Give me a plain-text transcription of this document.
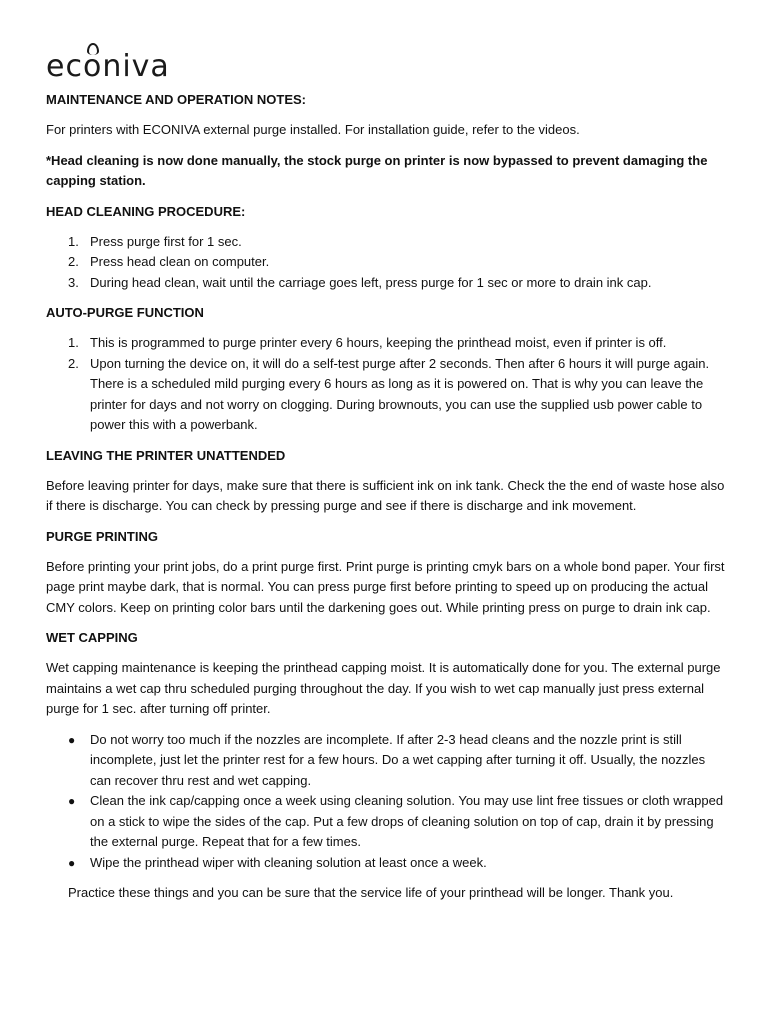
econiva
MAINTENANCE AND OPERATION NOTES:
For printers with ECONIVA external purge installed. For installation guide, refer to the videos.
*Head cleaning is now done manually, the stock purge on printer is now bypassed to prevent damaging the capping station.
HEAD CLEANING PROCEDURE:
1. Press purge first for 1 sec.
2. Press head clean on computer.
3. During head clean, wait until the carriage goes left, press purge for 1 sec or more to drain ink cap.
AUTO-PURGE FUNCTION
1. This is programmed to purge printer every 6 hours, keeping the printhead moist, even if printer is off.
2. Upon turning the device on, it will do a self-test purge after 2 seconds. Then after 6 hours it will purge again. There is a scheduled mild purging every 6 hours as long as it is powered on. That is why you can leave the printer for days and not worry on clogging. During brownouts, you can use the supplied usb power cable to power this with a powerbank.
LEAVING THE PRINTER UNATTENDED
Before leaving printer for days, make sure that there is sufficient ink on ink tank. Check the the end of waste hose also if there is discharge. You can check by pressing purge and see if there is discharge and ink movement.
PURGE PRINTING
Before printing your print jobs, do a print purge first. Print purge is printing cmyk bars on a whole bond paper. Your first page print maybe dark, that is normal. You can press purge first before printing to speed up on producing the actual CMY colors. Keep on printing color bars until the darkening goes out. While printing press on purge to drain ink cap.
WET CAPPING
Wet capping maintenance is keeping the printhead capping moist. It is automatically done for you. The external purge maintains a wet cap thru scheduled purging throughout the day. If you wish to wet cap manually just press external purge for 1 sec. after turning off printer.
● Do not worry too much if the nozzles are incomplete. If after 2-3 head cleans and the nozzle print is still incomplete, just let the printer rest for a few hours. Do a wet capping after turning it off. Usually, the nozzles can recover thru rest and wet capping.
● Clean the ink cap/capping once a week using cleaning solution. You may use lint free tissues or cloth wrapped on a stick to wipe the sides of the cap. Put a few drops of cleaning solution on top of cap, drain it by pressing the external purge. Repeat that for a few times.
● Wipe the printhead wiper with cleaning solution at least once a week.
Practice these things and you can be sure that the service life of your printhead will be longer. Thank you.
